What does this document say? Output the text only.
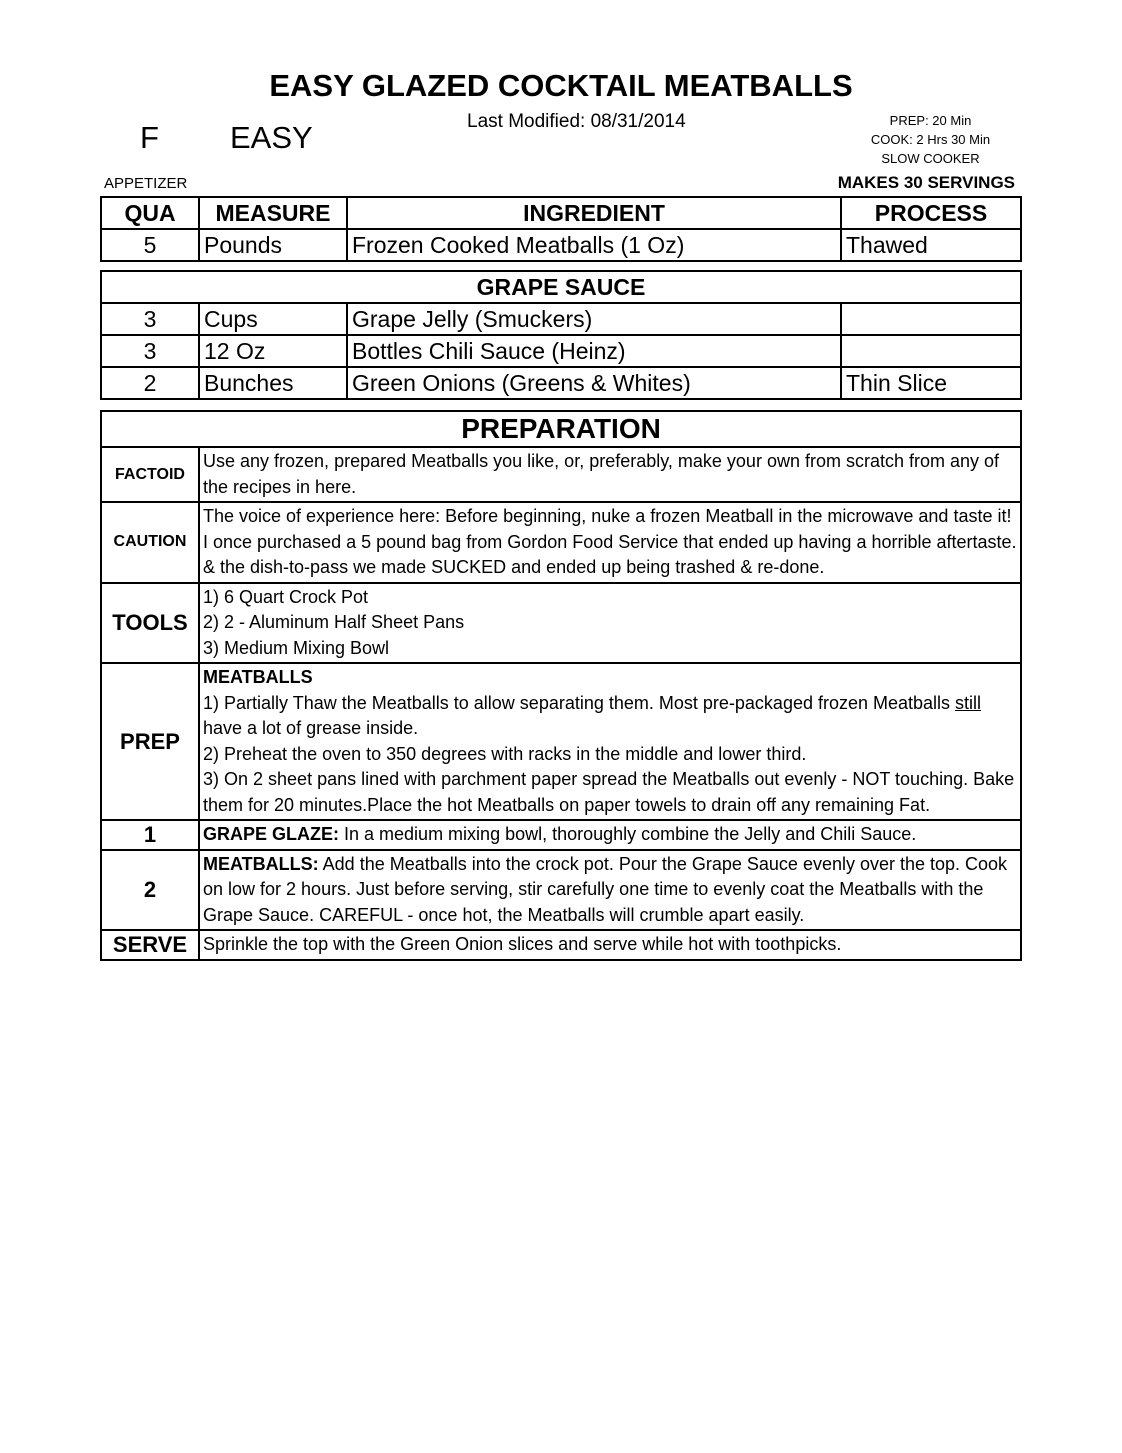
EASY GLAZED COCKTAIL MEATBALLS
F EASY	Last Modified: 08/31/2014	PREP: 20 Min
COOK: 2 Hrs 30 Min
SLOW COOKER
APPETIZER	MAKES 30 SERVINGS
QUA	MEASURE	INGREDIENT	PROCESS
5	Pounds	Frozen Cooked Meatballs (1 Oz)	Thawed
GRAPE SAUCE			
3	Cups	Grape Jelly (Smuckers)	
3	12 Oz	Bottles Chili Sauce (Heinz)	
2	Bunches	Green Onions (Greens & Whites)	Thin Slice
PREPARATION	
FACTOID	Use any frozen, prepared Meatballs you like, or, preferably, make your own from scratch from any of the recipes in here.
CAUTION	The voice of experience here: Before beginning, nuke a frozen Meatball in the microwave and taste it! I once purchased a 5 pound bag from Gordon Food Service that ended up having a horrible aftertaste. & the dish-to-pass we made SUCKED and ended up being trashed & re-done.
TOOLS	1) 6 Quart Crock Pot
2) 2 - Aluminum Half Sheet Pans
3) Medium Mixing Bowl

PREP	MEATBALLS
1) Partially Thaw the Meatballs to allow separating them. Most pre-packaged frozen Meatballs still have a lot of grease inside.
2) Preheat the oven to 350 degrees with racks in the middle and lower third.
3) On 2 sheet pans lined with parchment paper spread the Meatballs out evenly - NOT touching. Bake them for 20 minutes.Place the hot Meatballs on paper towels to drain off any remaining Fat.

1	GRAPE GLAZE: In a medium mixing bowl, thoroughly combine the Jelly and Chili Sauce.
2	MEATBALLS: Add the Meatballs into the crock pot. Pour the Grape Sauce evenly over the top. Cook on low for 2 hours. Just before serving, stir carefully one time to evenly coat the Meatballs with the Grape Sauce. CAREFUL - once hot, the Meatballs will crumble apart easily.
SERVE	Sprinkle the top with the Green Onion slices and serve while hot with toothpicks.
